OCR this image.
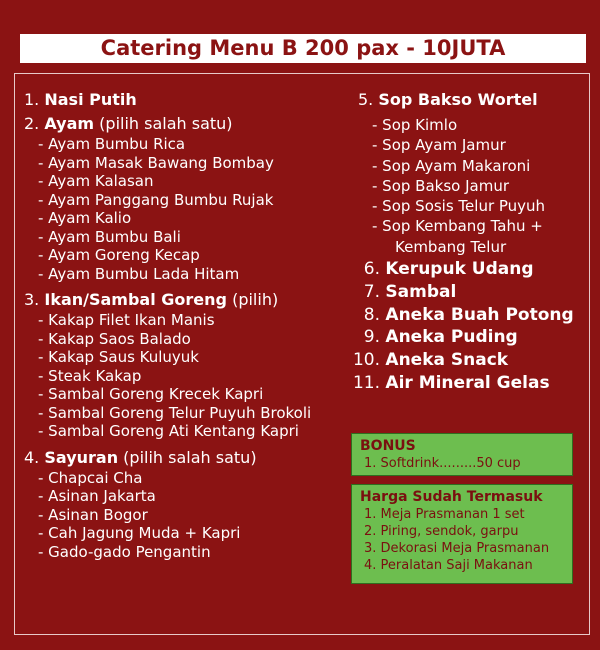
Catering Menu B 200 pax - 10JUTA
1. Nasi Putih
2. Ayam (pilih salah satu)
- Ayam Bumbu Rica
- Ayam Masak Bawang Bombay
- Ayam Kalasan
- Ayam Panggang Bumbu Rujak
- Ayam Kalio
- Ayam Bumbu Bali
- Ayam Goreng Kecap
- Ayam Bumbu Lada Hitam
3. Ikan/Sambal Goreng (pilih)
- Kakap Filet Ikan Manis
- Kakap Saos Balado
- Kakap Saus Kuluyuk
- Steak Kakap
- Sambal Goreng Krecek Kapri
- Sambal Goreng Telur Puyuh Brokoli
- Sambal Goreng Ati Kentang Kapri
4. Sayuran (pilih salah satu)
- Chapcai Cha
- Asinan Jakarta
- Asinan Bogor
- Cah Jagung Muda + Kapri
- Gado-gado Pengantin
5. Sop Bakso Wortel
- Sop Kimlo
- Sop Ayam Jamur
- Sop Ayam Makaroni
- Sop Bakso Jamur
- Sop Sosis Telur Puyuh
- Sop Kembang Tahu +
Kembang Telur
6. Kerupuk Udang
7. Sambal
8. Aneka Buah Potong
9. Aneka Puding
10. Aneka Snack
11. Air Mineral Gelas
BONUS
1. Softdrink.........50 cup
Harga Sudah Termasuk
1. Meja Prasmanan 1 set
2. Piring, sendok, garpu
3. Dekorasi Meja Prasmanan
4. Peralatan Saji Makanan
